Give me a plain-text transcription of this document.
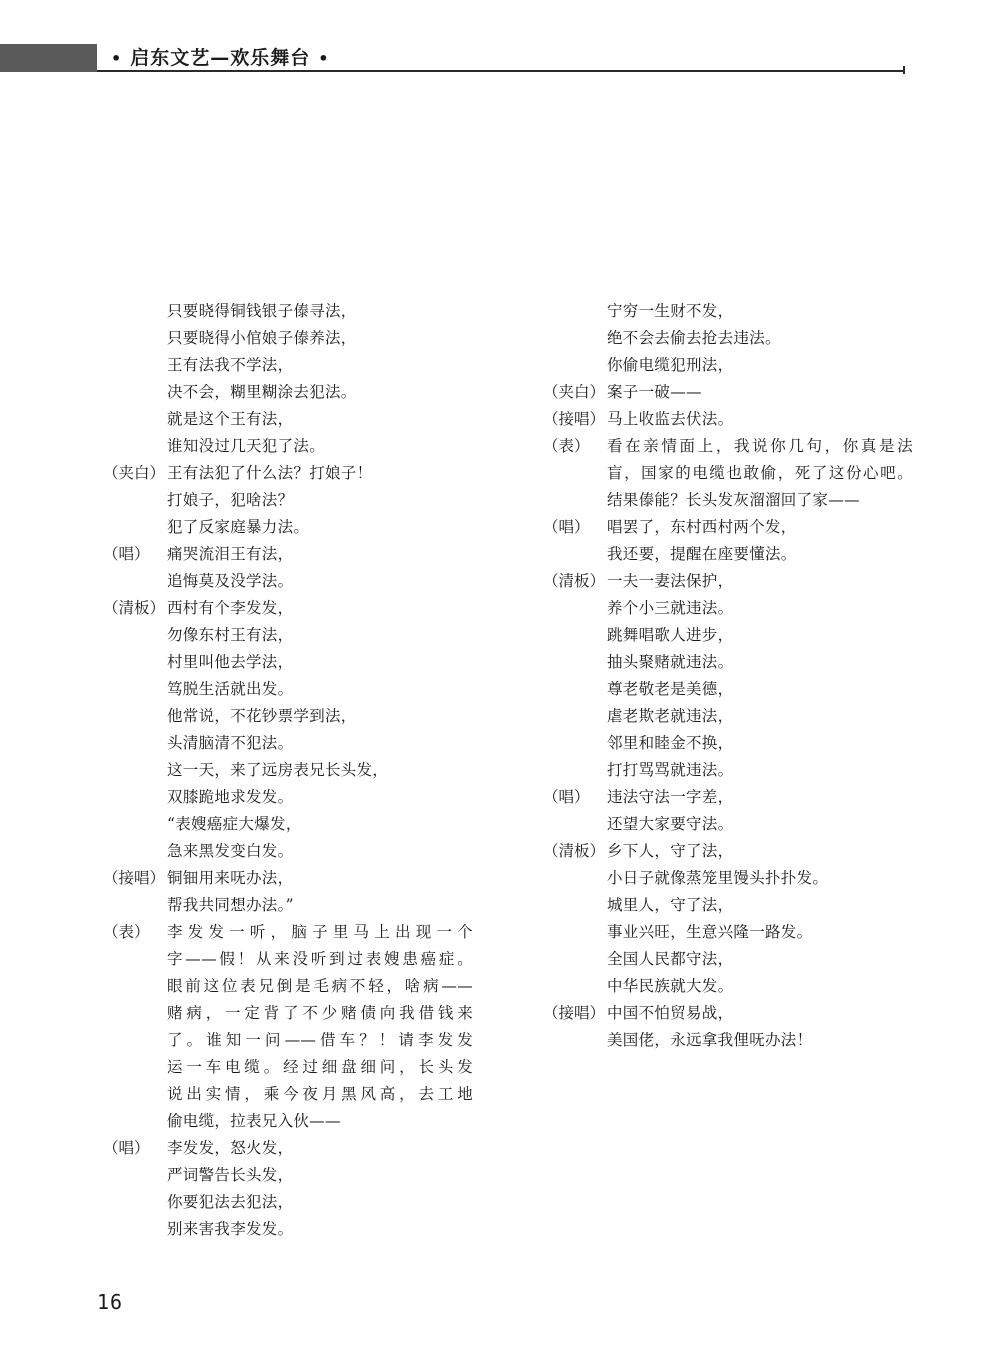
• 启东文艺—欢乐舞台 •
只要晓得铜钱银子傣寻法，
只要晓得小倌娘子傣养法，
王有法我不学法，
决不会，糊里糊涂去犯法。
就是这个王有法，
谁知没过几天犯了法。
（夹白） 王有法犯了什么法？打娘子！
打娘子，犯啥法？
犯了反家庭暴力法。
（唱） 痛哭流泪王有法，
追悔莫及没学法。
（清板） 西村有个李发发，
勿像东村王有法，
村里叫他去学法，
笃脱生活就出发。
他常说，不花钞票学到法，
头清脑清不犯法。
这一天，来了远房表兄长头发，
双膝跪地求发发。
“表嫂癌症大爆发，
急来黑发变白发。
（接唱） 铜钿用来呒办法，
帮我共同想办法。”
（表） 李发发一听，脑子里马上出现一个
字——假！从来没听到过表嫂患癌症。
眼前这位表兄倒是毛病不轻，啥病——
赌病，一定背了不少赌债向我借钱来
了。谁知一问——借车？！请李发发
运一车电缆。经过细盘细问，长头发
说出实情，乘今夜月黑风高，去工地
偷电缆，拉表兄入伙——
（唱） 李发发，怒火发，
严词警告长头发，
你要犯法去犯法，
别来害我李发发。
宁穷一生财不发，
绝不会去偷去抢去违法。
你偷电缆犯刑法，
（夹白） 案子一破——
（接唱） 马上收监去伏法。
（表） 看在亲情面上，我说你几句，你真是法
盲，国家的电缆也敢偷，死了这份心吧。
结果傣能？长头发灰溜溜回了家——
（唱） 唱罢了，东村西村两个发，
我还要，提醒在座要懂法。
（清板） 一夫一妻法保护，
养个小三就违法。
跳舞唱歌人进步，
抽头聚赌就违法。
尊老敬老是美德，
虐老欺老就违法，
邻里和睦金不换，
打打骂骂就违法。
（唱） 违法守法一字差，
还望大家要守法。
（清板） 乡下人，守了法，
小日子就像蒸笼里馒头扑扑发。
城里人，守了法，
事业兴旺，生意兴隆一路发。
全国人民都守法，
中华民族就大发。
（接唱） 中国不怕贸易战，
美国佬，永远拿我俚呒办法！
16
